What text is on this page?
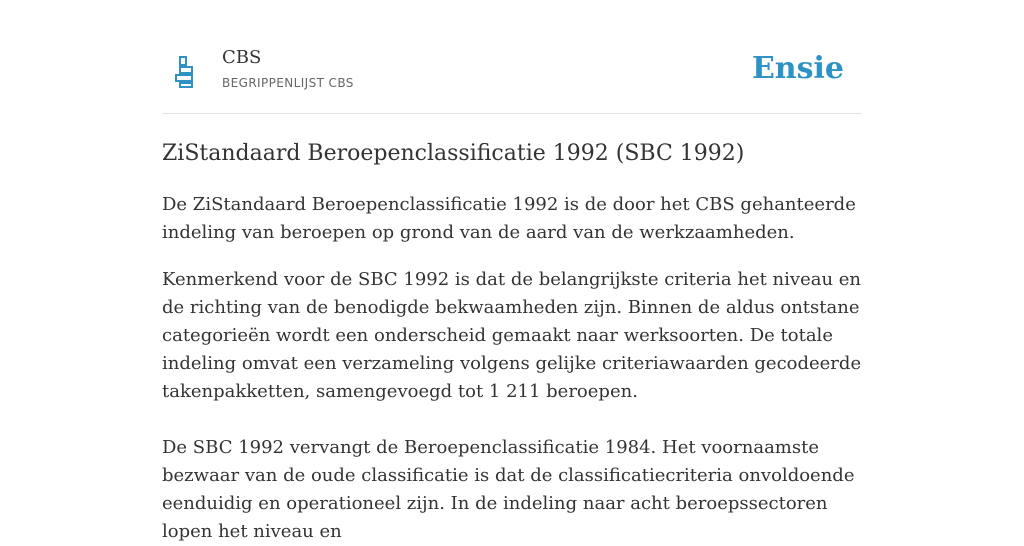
CBS
BEGRIPPENLIJST CBS	Ensie
ZiStandaard Beroepenclassificatie 1992 (SBC 1992)

De ZiStandaard Beroepenclassificatie 1992 is de door het CBS gehanteerde indeling van beroepen op grond van de aard van de werkzaamheden.

Kenmerkend voor de SBC 1992 is dat de belangrijkste criteria het niveau en de richting van de benodigde bekwaamheden zijn. Binnen de aldus ontstane categorieën wordt een onderscheid gemaakt naar werksoorten. De totale indeling omvat een verzameling volgens gelijke criteriawaarden gecodeerde takenpakketten, samengevoegd tot 1 211 beroepen.

De SBC 1992 vervangt de Beroepenclassificatie 1984. Het voornaamste bezwaar van de oude classificatie is dat de classificatiecriteria onvoldoende eenduidig en operationeel zijn. In de indeling naar acht beroepssectoren lopen het niveau en
